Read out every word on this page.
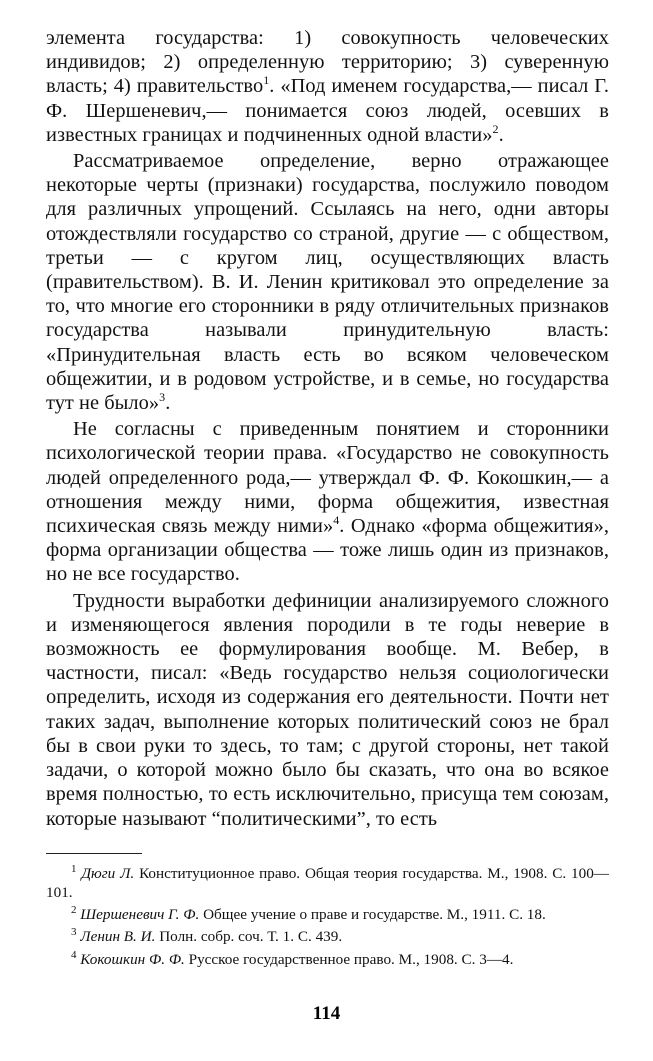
элемента государства: 1) совокупность человеческих индивидов; 2) определенную территорию; 3) суверенную власть; 4) правительство$^1$. «Под именем государства,— писал Г. Ф. Шершеневич,— понимается союз людей, осевших в известных границах и подчиненных одной власти»$^2$.

Рассматриваемое определение, верно отражающее некоторые черты (признаки) государства, послужило поводом для различных упрощений. Ссылаясь на него, одни авторы отождествляли государство со страной, другие — с обществом, третьи — с кругом лиц, осуществляющих власть (правительством). В. И. Ленин критиковал это определение за то, что многие его сторонники в ряду отличительных признаков государства называли принудительную власть: «Принудительная власть есть во всяком человеческом общежитии, и в родовом устройстве, и в семье, но государства тут не было»$^3$.

Не согласны с приведенным понятием и сторонники психологической теории права. «Государство не совокупность людей определенного рода,— утверждал Ф. Ф. Кокошкин,— а отношения между ними, форма общежития, известная психическая связь между ними»$^4$. Однако «форма общежития», форма организации общества — тоже лишь один из признаков, но не все государство.

Трудности выработки дефиниции анализируемого сложного и изменяющегося явления породили в те годы неверие в возможность ее формулирования вообще. М. Вебер, в частности, писал: «Ведь государство нельзя социологически определить, исходя из содержания его деятельности. Почти нет таких задач, выполнение которых политический союз не брал бы в свои руки то здесь, то там; с другой стороны, нет такой задачи, о которой можно было бы сказать, что она во всякое время полностью, то есть исключительно, присуща тем союзам, которые называют “политическими”, то есть

$^1$ Дюги Л. Конституционное право. Общая теория государства. М., 1908. С. 100—101.

$^2$ Шершеневич Г. Ф. Общее учение о праве и государстве. М., 1911. С. 18.

$^3$ Ленин В. И. Полн. собр. соч. Т. 1. С. 439.

$^4$ Кокошкин Ф. Ф. Русское государственное право. М., 1908. С. 3—4.

114
